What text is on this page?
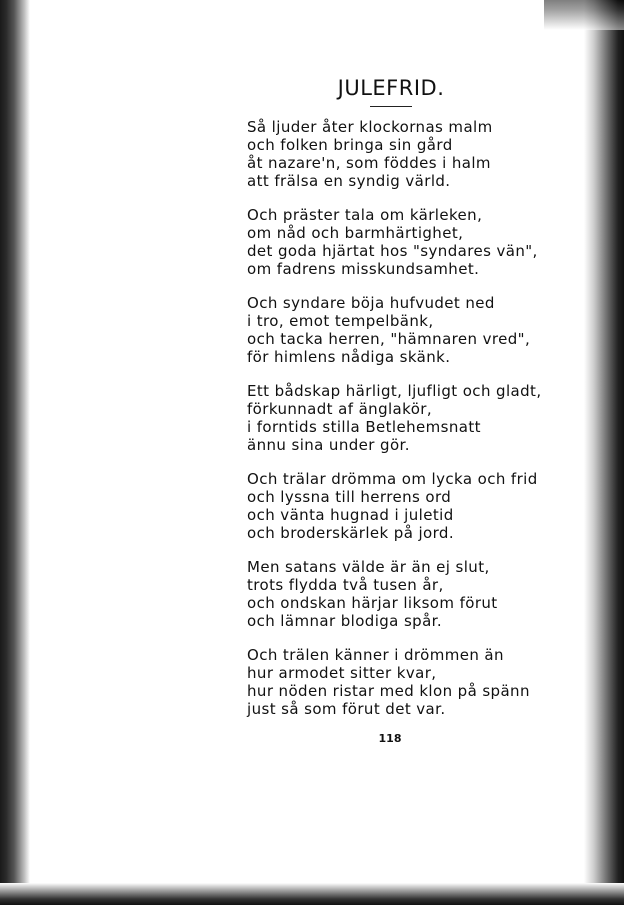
JULEFRID.
Så ljuder åter klockornas malm
och folken bringa sin gård
åt nazare'n, som föddes i halm
att frälsa en syndig värld.
Och präster tala om kärleken,
om nåd och barmhärtighet,
det goda hjärtat hos "syndares vän",
om fadrens misskundsamhet.
Och syndare böja hufvudet ned
i tro, emot tempelbänk,
och tacka herren, "hämnaren vred",
för himlens nådiga skänk.
Ett bådskap härligt, ljufligt och gladt,
förkunnadt af änglakör,
i forntids stilla Betlehemsnatt
ännu sina under gör.
Och trälar drömma om lycka och frid
och lyssna till herrens ord
och vänta hugnad i juletid
och broderskärlek på jord.
Men satans välde är än ej slut,
trots flydda två tusen år,
och ondskan härjar liksom förut
och lämnar blodiga spår.
Och trälen känner i drömmen än
hur armodet sitter kvar,
hur nöden ristar med klon på spänn
just så som förut det var.
118
